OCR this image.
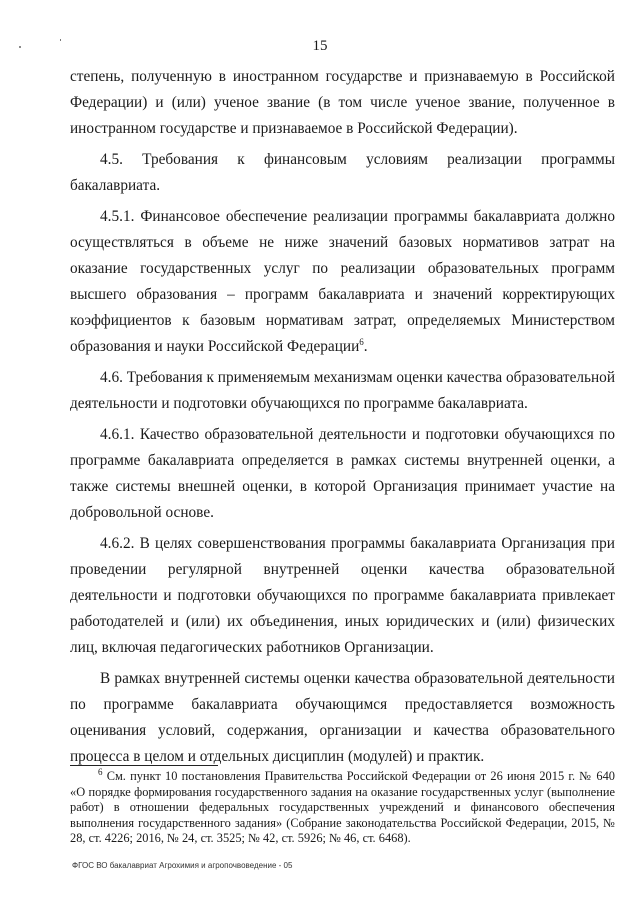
15

степень, полученную в иностранном государстве и признаваемую в Российской Федерации) и (или) ученое звание (в том числе ученое звание, полученное в иностранном государстве и признаваемое в Российской Федерации).

4.5. Требования к финансовым условиям реализации программы бакалавриата.

4.5.1. Финансовое обеспечение реализации программы бакалавриата должно осуществляться в объеме не ниже значений базовых нормативов затрат на оказание государственных услуг по реализации образовательных программ высшего образования – программ бакалавриата и значений корректирующих коэффициентов к базовым нормативам затрат, определяемых Министерством образования и науки Российской Федерации$^6$.

4.6. Требования к применяемым механизмам оценки качества образовательной деятельности и подготовки обучающихся по программе бакалавриата.

4.6.1. Качество образовательной деятельности и подготовки обучающихся по программе бакалавриата определяется в рамках системы внутренней оценки, а также системы внешней оценки, в которой Организация принимает участие на добровольной основе.

4.6.2. В целях совершенствования программы бакалавриата Организация при проведении регулярной внутренней оценки качества образовательной деятельности и подготовки обучающихся по программе бакалавриата привлекает работодателей и (или) их объединения, иных юридических и (или) физических лиц, включая педагогических работников Организации.

В рамках внутренней системы оценки качества образовательной деятельности по программе бакалавриата обучающимся предоставляется возможность оценивания условий, содержания, организации и качества образовательного процесса в целом и отдельных дисциплин (модулей) и практик.

$^6$ См. пункт 10 постановления Правительства Российской Федерации от 26 июня 2015 г. № 640 «О порядке формирования государственного задания на оказание государственных услуг (выполнение работ) в отношении федеральных государственных учреждений и финансового обеспечения выполнения государственного задания» (Собрание законодательства Российской Федерации, 2015, № 28, ст. 4226; 2016, № 24, ст. 3525; № 42, ст. 5926; № 46, ст. 6468).
ФГОС ВО бакалавриат Агрохимия и агропочвоведение - 05
